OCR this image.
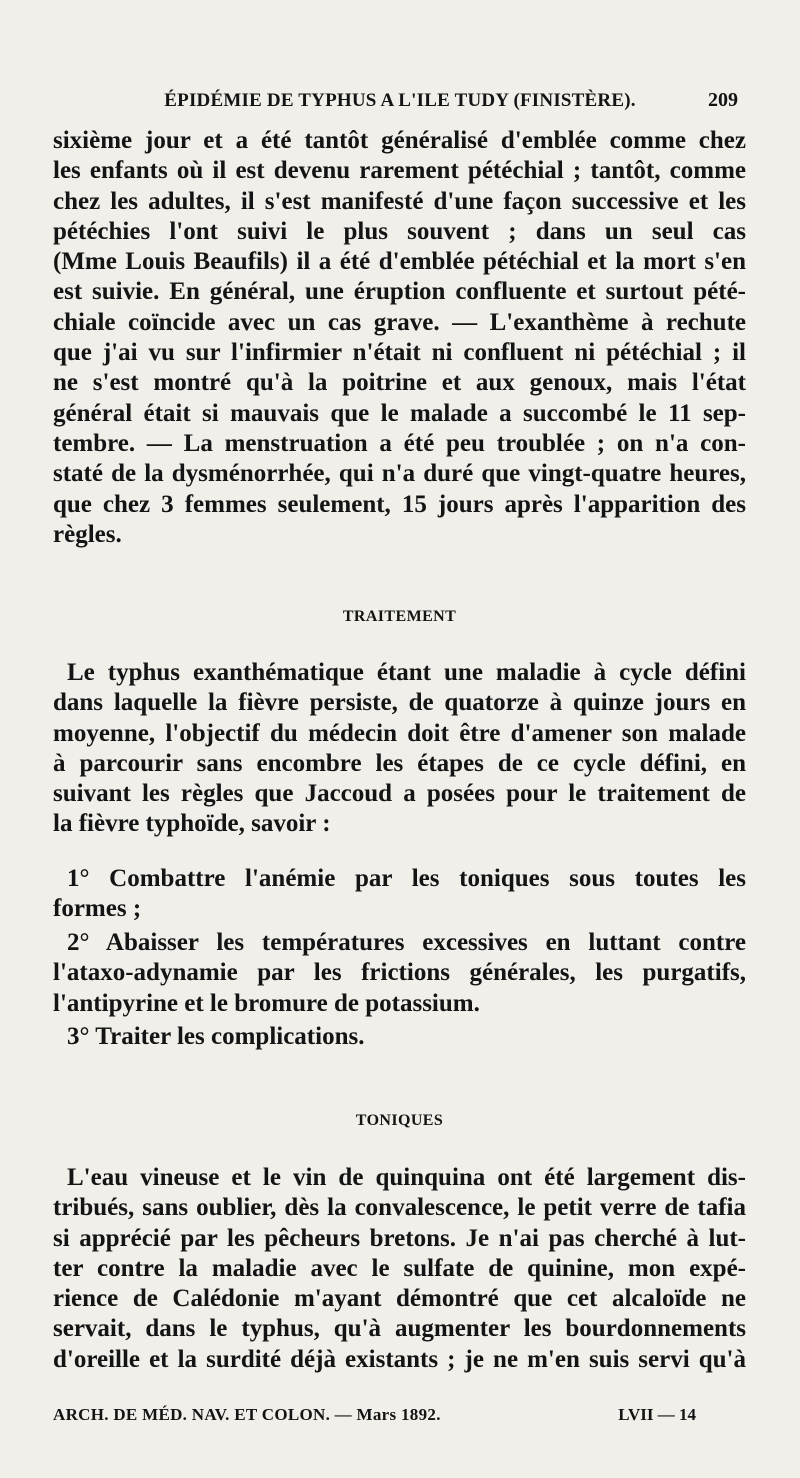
ÉPIDÉMIE DE TYPHUS A L'ILE TUDY (FINISTÈRE).	209
sixième jour et a été tantôt généralisé d'emblée comme chez
les enfants où il est devenu rarement pétéchial ; tantôt, comme
chez les adultes, il s'est manifesté d'une façon successive et les
pétéchies l'ont suivi le plus souvent ; dans un seul cas
(Mme Louis Beaufils) il a été d'emblée pétéchial et la mort s'en
est suivie. En général, une éruption confluente et surtout pété-
chiale coïncide avec un cas grave. — L'exanthème à rechute
que j'ai vu sur l'infirmier n'était ni confluent ni pétéchial ; il
ne s'est montré qu'à la poitrine et aux genoux, mais l'état
général était si mauvais que le malade a succombé le 11 sep-
tembre. — La menstruation a été peu troublée ; on n'a con-
staté de la dysménorrhée, qui n'a duré que vingt-quatre heures,
que chez 3 femmes seulement, 15 jours après l'apparition des
règles.
TRAITEMENT
Le typhus exanthématique étant une maladie à cycle défini
dans laquelle la fièvre persiste, de quatorze à quinze jours en
moyenne, l'objectif du médecin doit être d'amener son malade
à parcourir sans encombre les étapes de ce cycle défini, en
suivant les règles que Jaccoud a posées pour le traitement de
la fièvre typhoïde, savoir :
1° Combattre l'anémie par les toniques sous toutes les
formes ;
2° Abaisser les températures excessives en luttant contre
l'ataxo-adynamie par les frictions générales, les purgatifs,
l'antipyrine et le bromure de potassium.
3° Traiter les complications.
TONIQUES
L'eau vineuse et le vin de quinquina ont été largement dis-
tribués, sans oublier, dès la convalescence, le petit verre de tafia
si apprécié par les pêcheurs bretons. Je n'ai pas cherché à lut-
ter contre la maladie avec le sulfate de quinine, mon expé-
rience de Calédonie m'ayant démontré que cet alcaloïde ne
servait, dans le typhus, qu'à augmenter les bourdonnements
d'oreille et la surdité déjà existants ; je ne m'en suis servi qu'à
ARCH. DE MÉD. NAV. ET COLON. — Mars 1892.	LVII — 14
